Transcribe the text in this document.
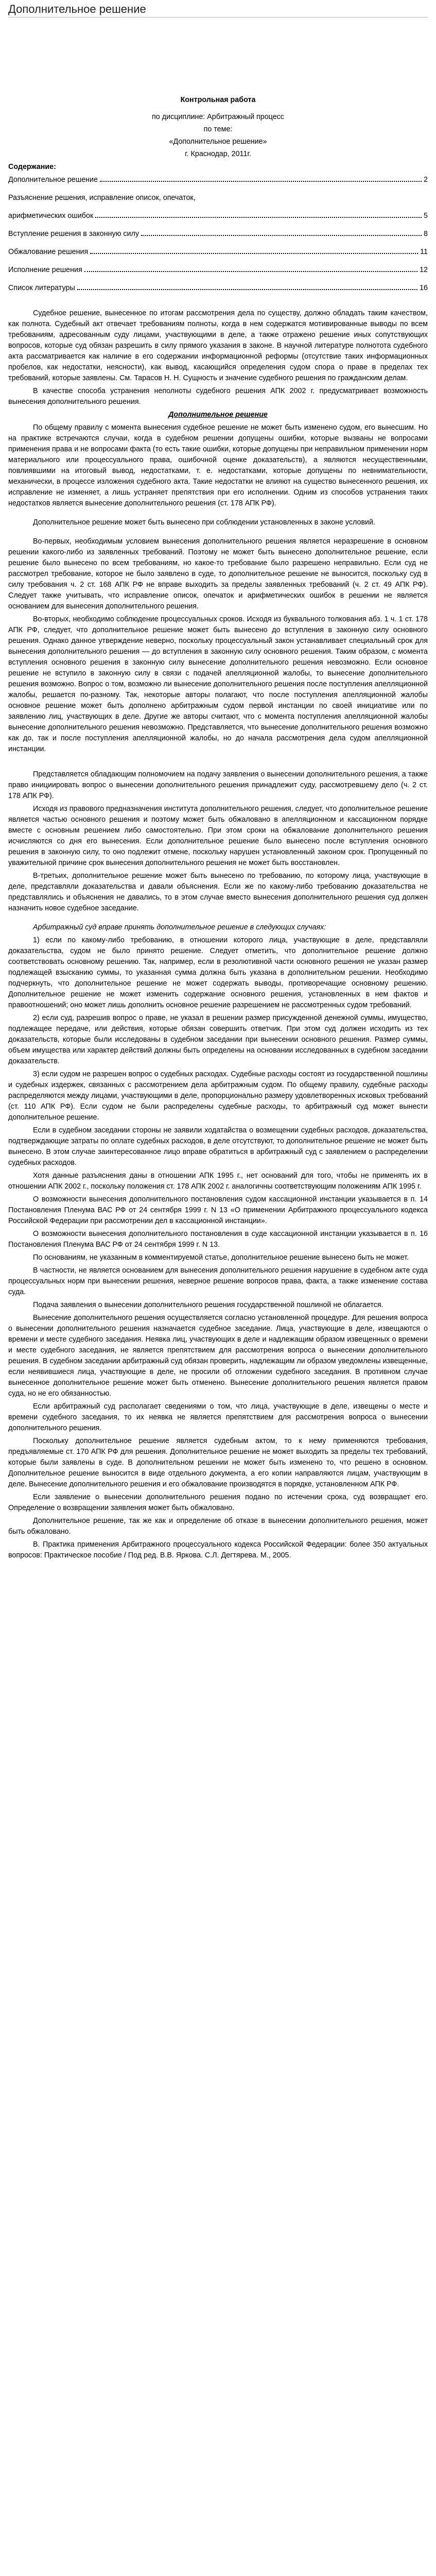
Дополнительное решение

Контрольная работа

по дисциплине: Арбитражный процесс

по теме:

«Дополнительное решение»

г. Краснодар, 2011г.

Содержание:

Дополнительное решение	2
Разъяснение решения, исправление описок, опечаток,
арифметических ошибок	5
Вступление решения в законную силу	8
Обжалование решения	11
Исполнение решения	12
Список литературы	16

Судебное решение, вынесенное по итогам рассмотрения дела по существу, должно обладать таким качеством, как полнота. Судебный акт отвечает требованиям полноты, когда в нем содержатся мотивированные выводы по всем требованиям, адресованным суду лицами, участвующими в деле, а также отражено решение иных сопутствующих вопросов, которые суд обязан разрешить в силу прямого указания в законе. В научной литературе полнотота судебного акта рассматривается как наличие в его содержании информационной реформы (отсутствие таких информационных пробелов, как недостатки, неясности), как вывод, касающийся определения судом спора о праве в пределах тех требований, которые заявлены. См. Тарасов Н. Н. Сущность и значение судебного решения по гражданским делам.

В качестве способа устранения неполноты судебного решения АПК 2002 г. предусматривает возможность вынесения дополнительного решения.

Дополнительное решение

По общему правилу с момента вынесения судебное решение не может быть изменено судом, его вынесшим. Но на практике встречаются случаи, когда в судебном решении допущены ошибки, которые вызваны не вопросами применения права и не вопросами факта (то есть такие ошибки, которые допущены при неправильном применении норм материального или процессуального права, ошибочной оценке доказательств), а являются несущественными, повлиявшими на итоговый вывод, недостатками, т. е. недостатками, которые допущены по невнимательности, механически, в процессе изложения судебного акта. Такие недостатки не влияют на существо вынесенного решения, их исправление не изменяет, а лишь устраняет препятствия при его исполнении. Одним из способов устранения таких недостатков является вынесение дополнительного решения (ст. 178 АПК РФ).

Дополнительное решение может быть вынесено при соблюдении установленных в законе условий.

Во-первых, необходимым условием вынесения дополнительного решения является неразрешение в основном решении какого-либо из заявленных требований. Поэтому не может быть вынесено дополнительное решение, если решение было вынесено по всем требованиям, но какое-то требование было разрешено неправильно. Если суд не рассмотрел требование, которое не было заявлено в суде, то дополнительное решение не выносится, поскольку суд в силу требования ч. 2 ст. 168 АПК РФ не вправе выходить за пределы заявленных требований (ч. 2 ст. 49 АПК РФ). Следует также учитывать, что исправление описок, опечаток и арифметических ошибок в решении не является основанием для вынесения дополнительного решения.

Во-вторых, необходимо соблюдение процессуальных сроков. Исходя из буквального толкования абз. 1 ч. 1 ст. 178 АПК РФ, следует, что дополнительное решение может быть вынесено до вступления в законную силу основного решения. Однако данное утверждение неверно, поскольку процессуальный закон устанавливает специальный срок для вынесения дополнительного решения — до вступления в законную силу основного решения. Таким образом, с момента вступления основного решения в законную силу вынесение дополнительного решения невозможно. Если основное решение не вступило в законную силу в связи с подачей апелляционной жалобы, то вынесение дополнительного решения возможно. Вопрос о том, возможно ли вынесение дополнительного решения после поступления апелляционной жалобы, решается по-разному. Так, некоторые авторы полагают, что после поступления апелляционной жалобы основное решение может быть дополнено арбитражным судом первой инстанции по своей инициативе или по заявлению лиц, участвующих в деле. Другие же авторы считают, что с момента поступления апелляционной жалобы вынесение дополнительного решения невозможно. Представляется, что вынесение дополнительного решения возможно как до, так и после поступления апелляционной жалобы, но до начала рассмотрения дела судом апелляционной инстанции.

Представляется обладающим полномочием на подачу заявления о вынесении дополнительного решения, а также право инициировать вопрос о вынесении дополнительного решения принадлежит суду, рассмотревшему дело (ч. 2 ст. 178 АПК РФ).

Исходя из правового предназначения института дополнительного решения, следует, что дополнительное решение является частью основного решения и поэтому может быть обжаловано в апелляционном и кассационном порядке вместе с основным решением либо самостоятельно. При этом сроки на обжалование дополнительного решения исчисляются со дня его вынесения. Если дополнительное решение было вынесено после вступления основного решения в законную силу, то оно подлежит отмене, поскольку нарушен установленный законом срок. Пропущенный по уважительной причине срок вынесения дополнительного решения не может быть восстановлен.

В-третьих, дополнительное решение может быть вынесено по требованию, по которому лица, участвующие в деле, представляли доказательства и давали объяснения. Если же по какому-либо требованию доказательства не представлялись и объяснения не давались, то в этом случае вместо вынесения дополнительного решения суд должен назначить новое судебное заседание.

Арбитражный суд вправе принять дополнительное решение в следующих случаях:

1) если по какому-либо требованию, в отношении которого лица, участвующие в деле, представляли доказательства, судом не было принято решение. Следует отметить, что дополнительное решение должно соответствовать основному решению. Так, например, если в резолютивной части основного решения не указан размер подлежащей взысканию суммы, то указанная сумма должна быть указана в дополнительном решении. Необходимо подчеркнуть, что дополнительное решение не может содержать выводы, противоречащие основному решению. Дополнительное решение не может изменить содержание основного решения, установленных в нем фактов и правоотношений; оно может лишь дополнить основное решение разрешением не рассмотренных судом требований.

2) если суд, разрешив вопрос о праве, не указал в решении размер присужденной денежной суммы, имущество, подлежащее передаче, или действия, которые обязан совершить ответчик. При этом суд должен исходить из тех доказательств, которые были исследованы в судебном заседании при вынесении основного решения. Размер суммы, объем имущества или характер действий должны быть определены на основании исследованных в судебном заседании доказательств.

3) если судом не разрешен вопрос о судебных расходах. Судебные расходы состоят из государственной пошлины и судебных издержек, связанных с рассмотрением дела арбитражным судом. По общему правилу, судебные расходы распределяются между лицами, участвующими в деле, пропорционально размеру удовлетворенных исковых требований (ст. 110 АПК РФ). Если судом не были распределены судебные расходы, то арбитражный суд может вынести дополнительное решение.

Если в судебном заседании стороны не заявили ходатайства о возмещении судебных расходов, доказательства, подтверждающие затраты по оплате судебных расходов, в деле отсутствуют, то дополнительное решение не может быть вынесено. В этом случае заинтересованное лицо вправе обратиться в арбитражный суд с заявлением о распределении судебных расходов.

Хотя данные разъяснения даны в отношении АПК 1995 г., нет оснований для того, чтобы не применять их в отношении АПК 2002 г., поскольку положения ст. 178 АПК 2002 г. аналогичны соответствующим положениям АПК 1995 г.

О возможности вынесения дополнительного постановления судом кассационной инстанции указывается в п. 14 Постановления Пленума ВАС РФ от 24 сентября 1999 г. N 13 «О применении Арбитражного процессуального кодекса Российской Федерации при рассмотрении дел в кассационной инстанции».

О возможности вынесения дополнительного постановления в суде кассационной инстанции указывается в п. 16 Постановления Пленума ВАС РФ от 24 сентября 1999 г. N 13.

По основаниям, не указанным в комментируемой статье, дополнительное решение вынесено быть не может.

В частности, не является основанием для вынесения дополнительного решения нарушение в судебном акте суда процессуальных норм при вынесении решения, неверное решение вопросов права, факта, а также изменение состава суда.

Подача заявления о вынесении дополнительного решения государственной пошлиной не облагается.

Вынесение дополнительного решения осуществляется согласно установленной процедуре. Для решения вопроса о вынесении дополнительного решения назначается судебное заседание. Лица, участвующие в деле, извещаются о времени и месте судебного заседания. Неявка лиц, участвующих в деле и надлежащим образом извещенных о времени и месте судебного заседания, не является препятствием для рассмотрения вопроса о вынесении дополнительного решения. В судебном заседании арбитражный суд обязан проверить, надлежащим ли образом уведомлены извещенные, если неявившиеся лица, участвующие в деле, не просили об отложении судебного заседания. В противном случае вынесенное дополнительное решение может быть отменено. Вынесение дополнительного решения является правом суда, но не его обязанностью.

Если арбитражный суд располагает сведениями о том, что лица, участвующие в деле, извещены о месте и времени судебного заседания, то их неявка не является препятствием для рассмотрения вопроса о вынесении дополнительного решения.

Поскольку дополнительное решение является судебным актом, то к нему применяются требования, предъявляемые ст. 170 АПК РФ для решения. Дополнительное решение не может выходить за пределы тех требований, которые были заявлены в суде. В дополнительном решении не может быть изменено то, что решено в основном. Дополнительное решение выносится в виде отдельного документа, а его копии направляются лицам, участвующим в деле. Вынесение дополнительного решения и его обжалование производятся в порядке, установленном АПК РФ.

Если заявление о вынесении дополнительного решения подано по истечении срока, суд возвращает его. Определение о возвращении заявления может быть обжаловано.

Дополнительное решение, так же как и определение об отказе в вынесении дополнительного решения, может быть обжаловано.

В. Практика применения Арбитражного процессуального кодекса Российской Федерации: более 350 актуальных вопросов: Практическое пособие / Под ред. В.В. Яркова. С.Л. Дегтярева. М., 2005.
